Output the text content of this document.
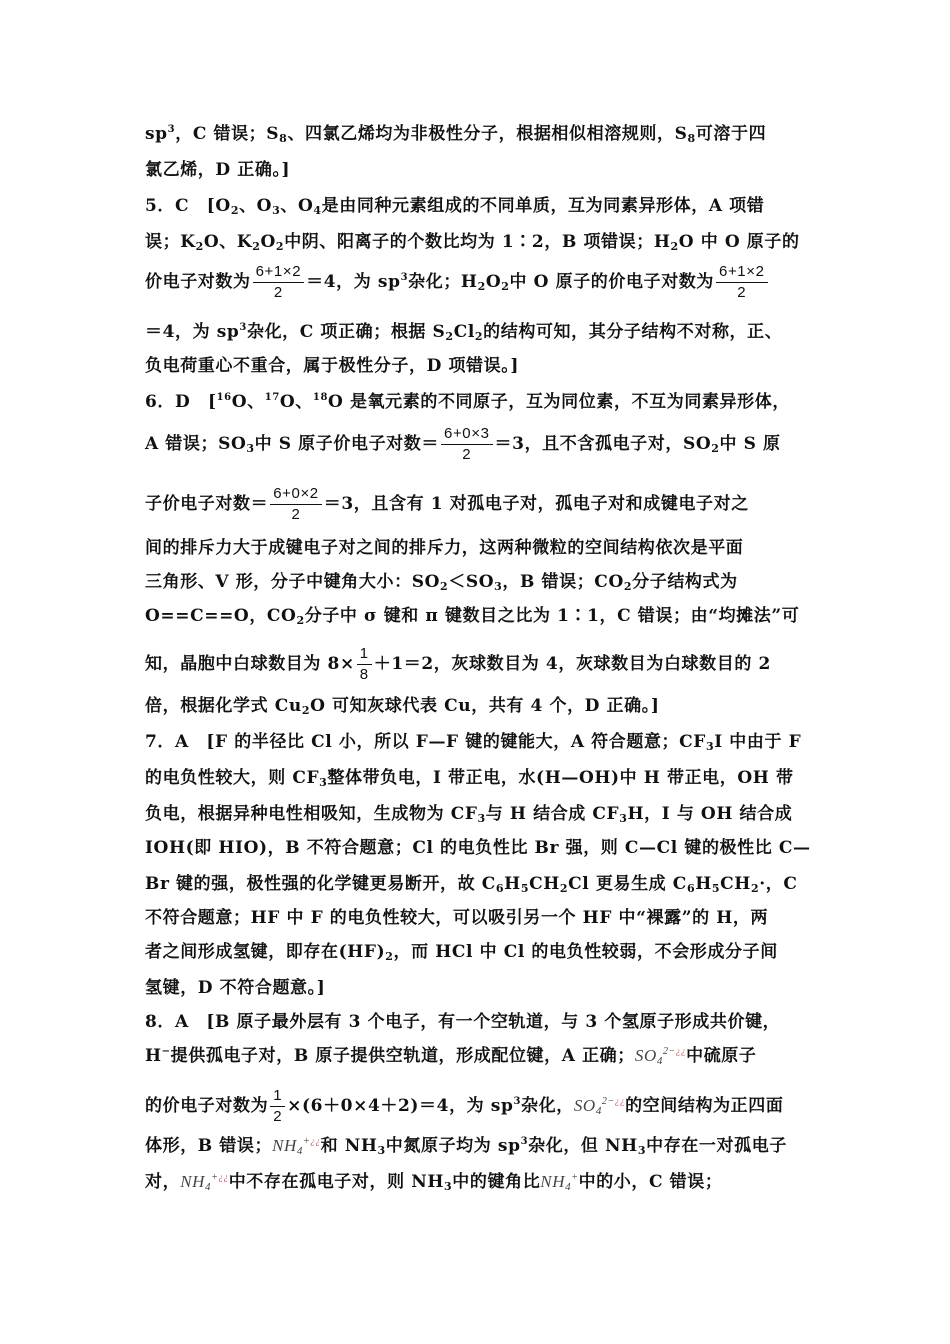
$sp^3$，C 错误；$S_8$、四氯乙烯均为非极性分子，根据相似相溶规则，$S_8$可溶于四
氯乙烯，D 正确。]
5．C　[$O_2$、$O_3$、$O_4$是由同种元素组成的不同单质，互为同素异形体，A 项错
误；$K_2O$、$K_2O_2$中阴、阳离子的个数比均为 1∶2，B 项错误；$H_2O$ 中 O 原子的
价电子对数为 $\frac{6+1\times 2}{2} =4$，为 $sp^3$杂化；$H_2O_2$中 O 原子的价电子对数为 $\frac{6+1\times 2}{2}$
＝4，为 $sp^3$杂化，C 项正确；根据 $S_2Cl_2$的结构可知，其分子结构不对称，正、
负电荷重心不重合，属于极性分子，D 项错误。]
6．D　[$^{16}$O、$^{17}$O、$^{18}$O 是氧元素的不同原子，互为同位素，不互为同素异形体，
A 错误；$SO_3$中 S 原子价电子对数＝ $\frac{6+0\times 3}{2} =3$，且不含孤电子对，$SO_2$中 S 原
子价电子对数＝ $\frac{6+0\times 2}{2} =3$，且含有 1 对孤电子对，孤电子对和成键电子对之
间的排斥力大于成键电子对之间的排斥力，这两种微粒的空间结构依次是平面
三角形、V 形，分子中键角大小：$SO_2<SO_3$，B 错误；$CO_2$分子结构式为
O==C==O，$CO_2$分子中 σ 键和 π 键数目之比为 1∶1，C 错误；由“均摊法”可
知，晶胞中白球数目为 $8\times \frac{1}{8} +1=2$，灰球数目为 4，灰球数目为白球数目的 2
倍，根据化学式 $Cu_2O$ 可知灰球代表 Cu，共有 4 个，D 正确。]
7．A　[F 的半径比 Cl 小，所以 F—F 键的键能大，A 符合题意；$CF_3I$ 中由于 F
的电负性较大，则 $CF_3$整体带负电，I 带正电，水(H—OH)中 H 带正电，OH 带
负电，根据异种电性相吸知，生成物为 $CF_3$与 H 结合成 $CF_3H$，I 与 OH 结合成
IOH(即 HIO)，B 不符合题意；Cl 的电负性比 Br 强，则 C—Cl 键的极性比 C—
Br 键的强，极性强的化学键更易断开，故 $C_6H_5CH_2Cl$ 更易生成 $C_6H_5CH_2\cdot$，C
不符合题意；HF 中 F 的电负性较大，可以吸引另一个 HF 中“裸露”的 H，两
者之间形成氢键，即存在$(HF)_2$，而 HCl 中 Cl 的电负性较弱，不会形成分子间
氢键，D 不符合题意。]
8．A　[B 原子最外层有 3 个电子，有一个空轨道，与 3 个氢原子形成共价键，
H−提供孤电子对，B 原子提供空轨道，形成配位键，A 正确；$SO_4^{2-¿¿}$中硫原子
的价电子对数为 $\frac{1}{2} \times(6+0\times 4+2)=4$，为 $sp^3$杂化，$SO_4^{2-¿¿}$的空间结构为正四面
体形，B 错误；$NH_4^{+¿¿}$和 $NH_3$中氮原子均为 $sp^3$杂化，但 $NH_3$中存在一对孤电子
对，$NH_4^{+¿¿}$中不存在孤电子对，则 $NH_3$中的键角比$NH_4^+$中的小，C 错误；
